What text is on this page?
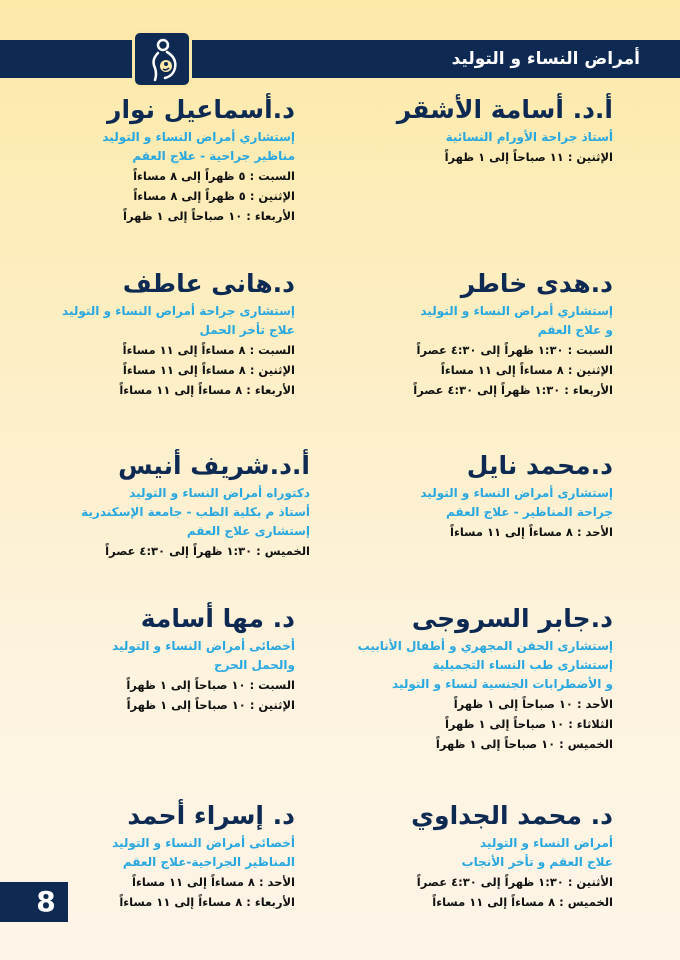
أمراض النساء و التوليد
أ.د. أسامة الأشقر
أستاذ جراحة الأورام النسائية
الإثنين : ١١ صباحاً إلى ١ ظهراً
د.أسماعيل نوار
إستشاري أمراض النساء و التوليد
مناظير جراحية - علاج العقم
السبت : ٥ ظهراً إلى ٨ مساءاً
الإثنين : ٥ ظهراً إلى ٨ مساءاً
الأربعاء : ١٠ صباحاً إلى ١ ظهراً
د.هدى خاطر
إستشاري أمراض النساء و التوليد
و علاج العقم
السبت : ١:٣٠ ظهراً إلى ٤:٣٠ عصراً
الإثنين : ٨ مساءاً إلى ١١ مساءاً
الأربعاء : ١:٣٠ ظهراً إلى ٤:٣٠ عصراً
د.هانى عاطف
إستشارى جراحة أمراض النساء و التوليد
علاج تأخر الحمل
السبت : ٨ مساءاً إلى ١١ مساءاً
الإثنين : ٨ مساءاً إلى ١١ مساءاً
الأربعاء : ٨ مساءاً إلى ١١ مساءاً
د.محمد نايل
إستشارى أمراض النساء و التوليد
جراحة المناظير - علاج العقم
الأحد : ٨ مساءاً إلى ١١ مساءاً
أ.د.شريف أنيس
دكتوراه أمراض النساء و التوليد
أستاذ م بكلية الطب - جامعة الإسكندرية
إستشارى علاج العقم
الخميس : ١:٣٠ ظهراً إلى ٤:٣٠ عصراً
د.جابر السروجى
إستشارى الحقن المجهري و أطفال الأنابيب
إستشارى طب النساء التجميلية
و الأضطرابات الجنسية لنساء و التوليد
الأحد : ١٠ صباحاً إلى ١ ظهراً
الثلاثاء : ١٠ صباحاً إلى ١ ظهراً
الخميس : ١٠ صباحاً إلى ١ ظهراً
د. مها أسامة
أخصائى أمراض النساء و التوليد
والحمل الحرج
السبت : ١٠ صباحاً إلى ١ ظهراً
الإثنين : ١٠ صباحاً إلى ١ ظهراً
د. محمد الجداوي
أمراض النساء و التوليد
علاج العقم و تأخر الأنجاب
الأثنين : ١:٣٠ ظهراً إلى ٤:٣٠ عصراً
الخميس : ٨ مساءاً إلى ١١ مساءاً
د. إسراء أحمد
أخصائى أمراض النساء و التوليد
المناظير الجراحية-علاج العقم
الأحد : ٨ مساءاً إلى ١١ مساءاً
الأربعاء : ٨ مساءاً إلى ١١ مساءاً
8
